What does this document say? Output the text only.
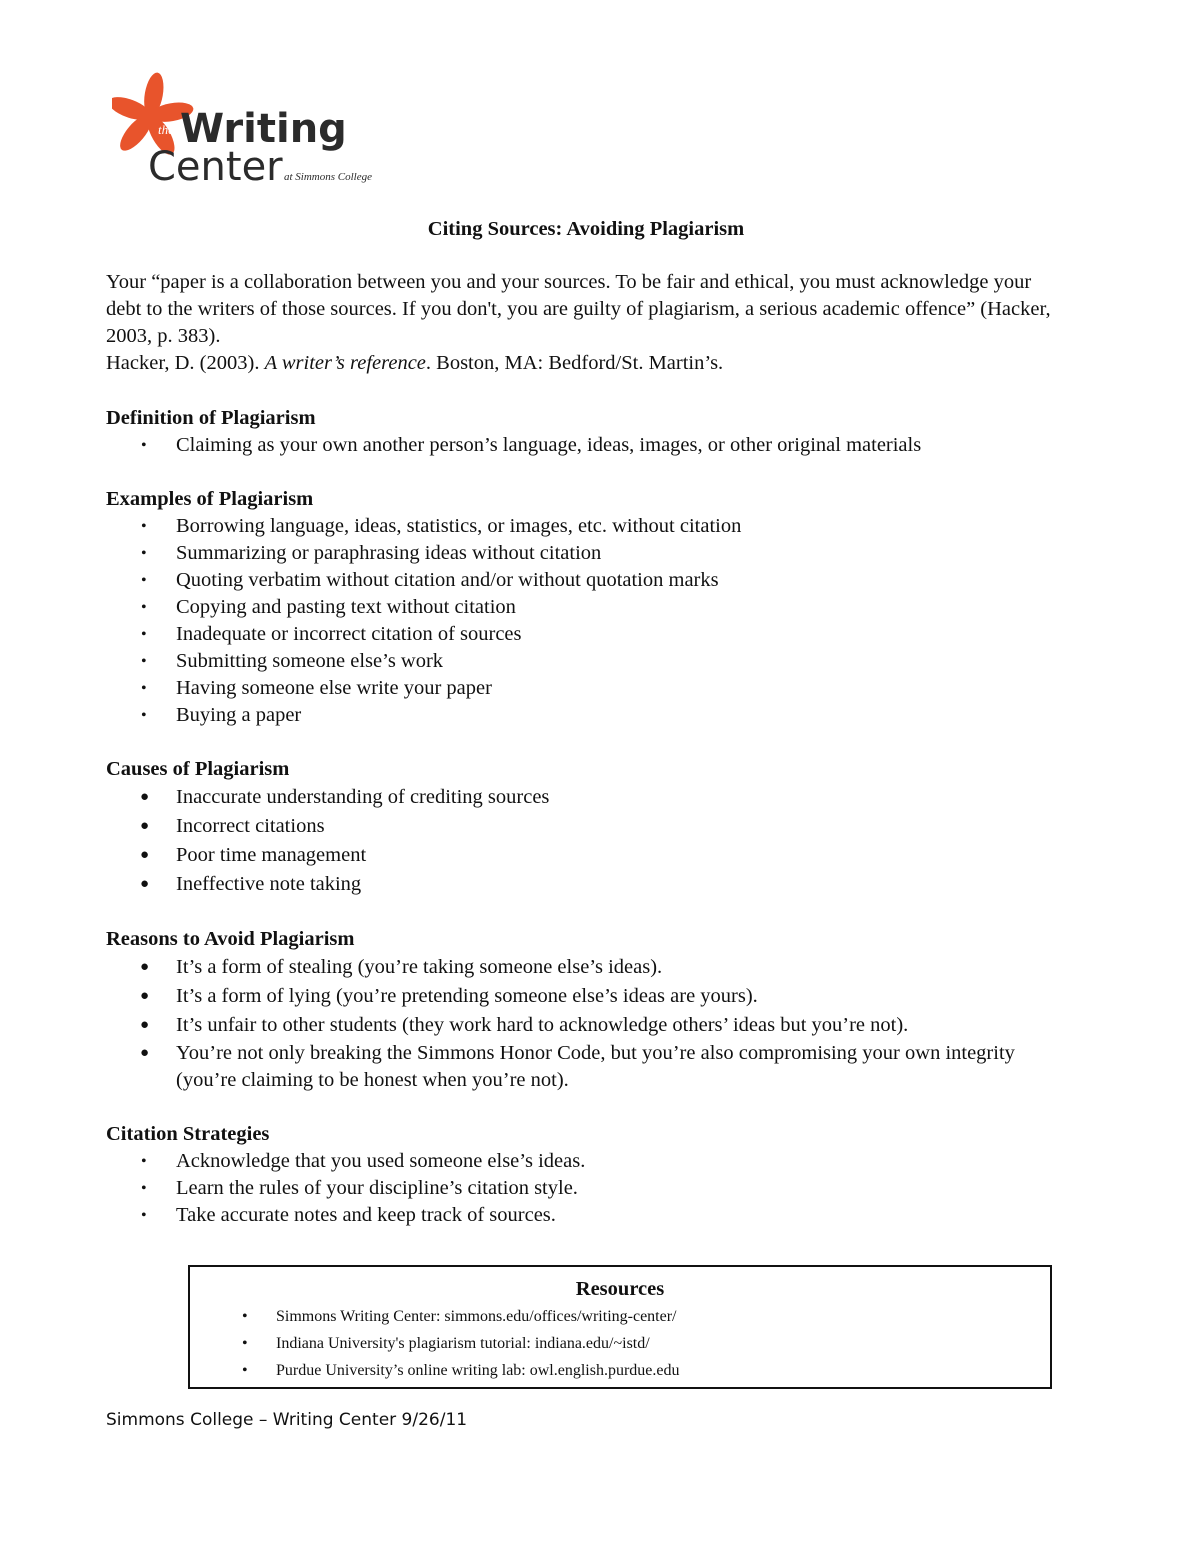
the Writing
Center at Simmons College
Citing Sources: Avoiding Plagiarism

Your “paper is a collaboration between you and your sources. To be fair and ethical, you must acknowledge your debt to the writers of those sources. If you don't, you are guilty of plagiarism, a serious academic offence” (Hacker, 2003, p. 383).

Hacker, D. (2003). A writer’s reference. Boston, MA: Bedford/St. Martin’s.

Definition of Plagiarism
• Claiming as your own another person’s language, ideas, images, or other original materials
Examples of Plagiarism
• Borrowing language, ideas, statistics, or images, etc. without citation
• Summarizing or paraphrasing ideas without citation
• Quoting verbatim without citation and/or without quotation marks
• Copying and pasting text without citation
• Inadequate or incorrect citation of sources
• Submitting someone else’s work
• Having someone else write your paper
• Buying a paper
Causes of Plagiarism
● Inaccurate understanding of crediting sources
● Incorrect citations
● Poor time management
● Ineffective note taking
Reasons to Avoid Plagiarism
● It’s a form of stealing (you’re taking someone else’s ideas).
● It’s a form of lying (you’re pretending someone else’s ideas are yours).
● It’s unfair to other students (they work hard to acknowledge others’ ideas but you’re not).
● You’re not only breaking the Simmons Honor Code, but you’re also compromising your own integrity (you’re claiming to be honest when you’re not).
Citation Strategies
• Acknowledge that you used someone else’s ideas.
• Learn the rules of your discipline’s citation style.
• Take accurate notes and keep track of sources.
Resources
• Simmons Writing Center: simmons.edu/offices/writing-center/
• Indiana University's plagiarism tutorial: indiana.edu/~istd/
• Purdue University’s online writing lab: owl.english.purdue.edu
Simmons College – Writing Center 9/26/11
